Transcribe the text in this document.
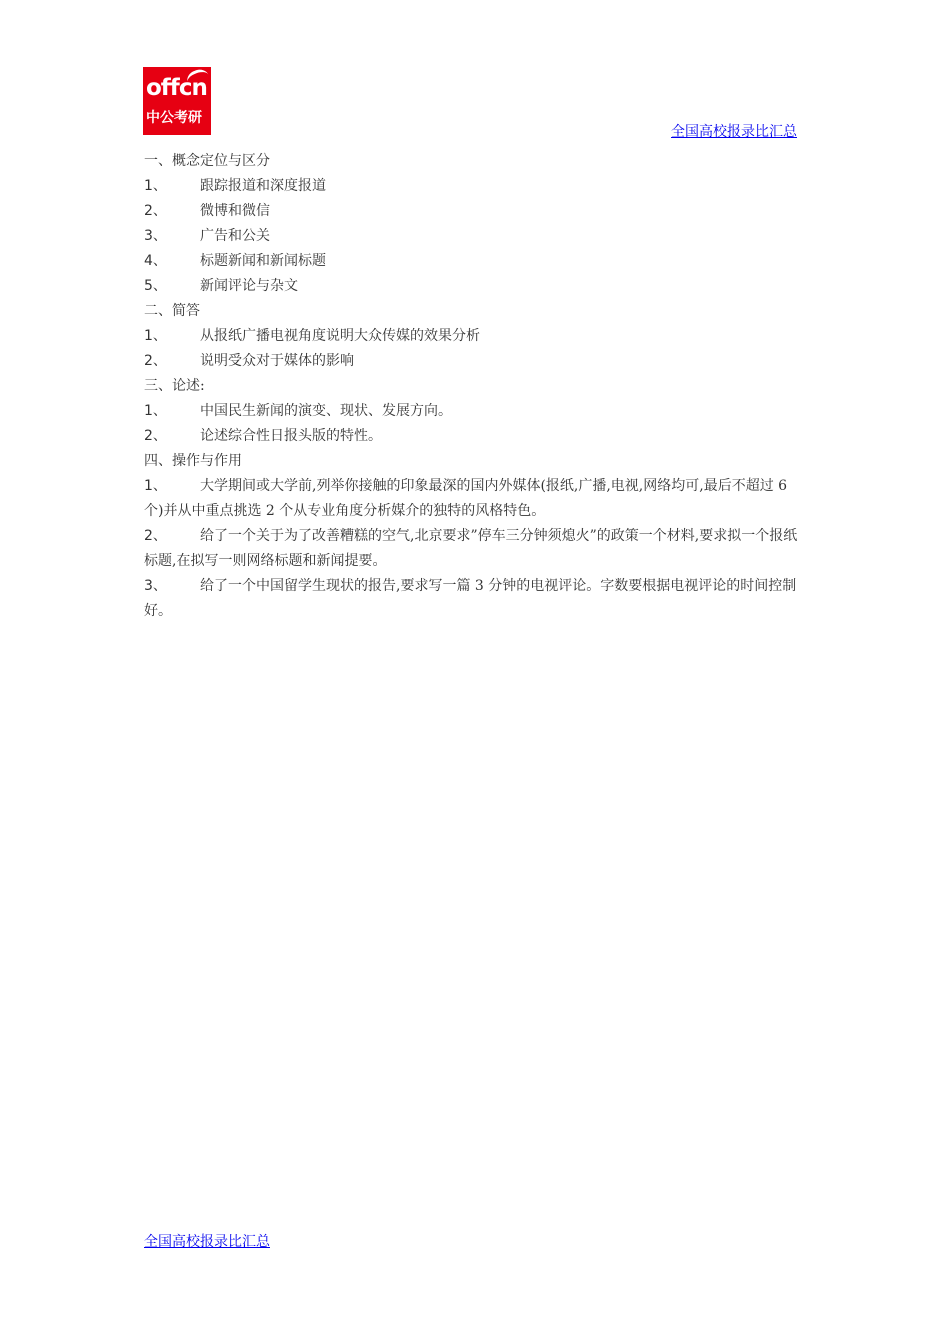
offcn
中公考研
全国高校报录比汇总
一、概念定位与区分
1、	跟踪报道和深度报道
2、	微博和微信
3、	广告和公关
4、	标题新闻和新闻标题
5、	新闻评论与杂文
二、简答
1、	从报纸广播电视角度说明大众传媒的效果分析
2、	说明受众对于媒体的影响
三、论述:
1、	中国民生新闻的演变、现状、发展方向。
2、	论述综合性日报头版的特性。
四、操作与作用
1、 大学期间或大学前,列举你接触的印象最深的国内外媒体(报纸,广播,电视,网络均可,最后不超过 6 个)并从中重点挑选 2 个从专业角度分析媒介的独特的风格特色。
2、 给了一个关于为了改善糟糕的空气,北京要求”停车三分钟须熄火”的政策一个材料,要求拟一个报纸标题,在拟写一则网络标题和新闻提要。
3、 给了一个中国留学生现状的报告,要求写一篇 3 分钟的电视评论。字数要根据电视评论的时间控制好。
全国高校报录比汇总
